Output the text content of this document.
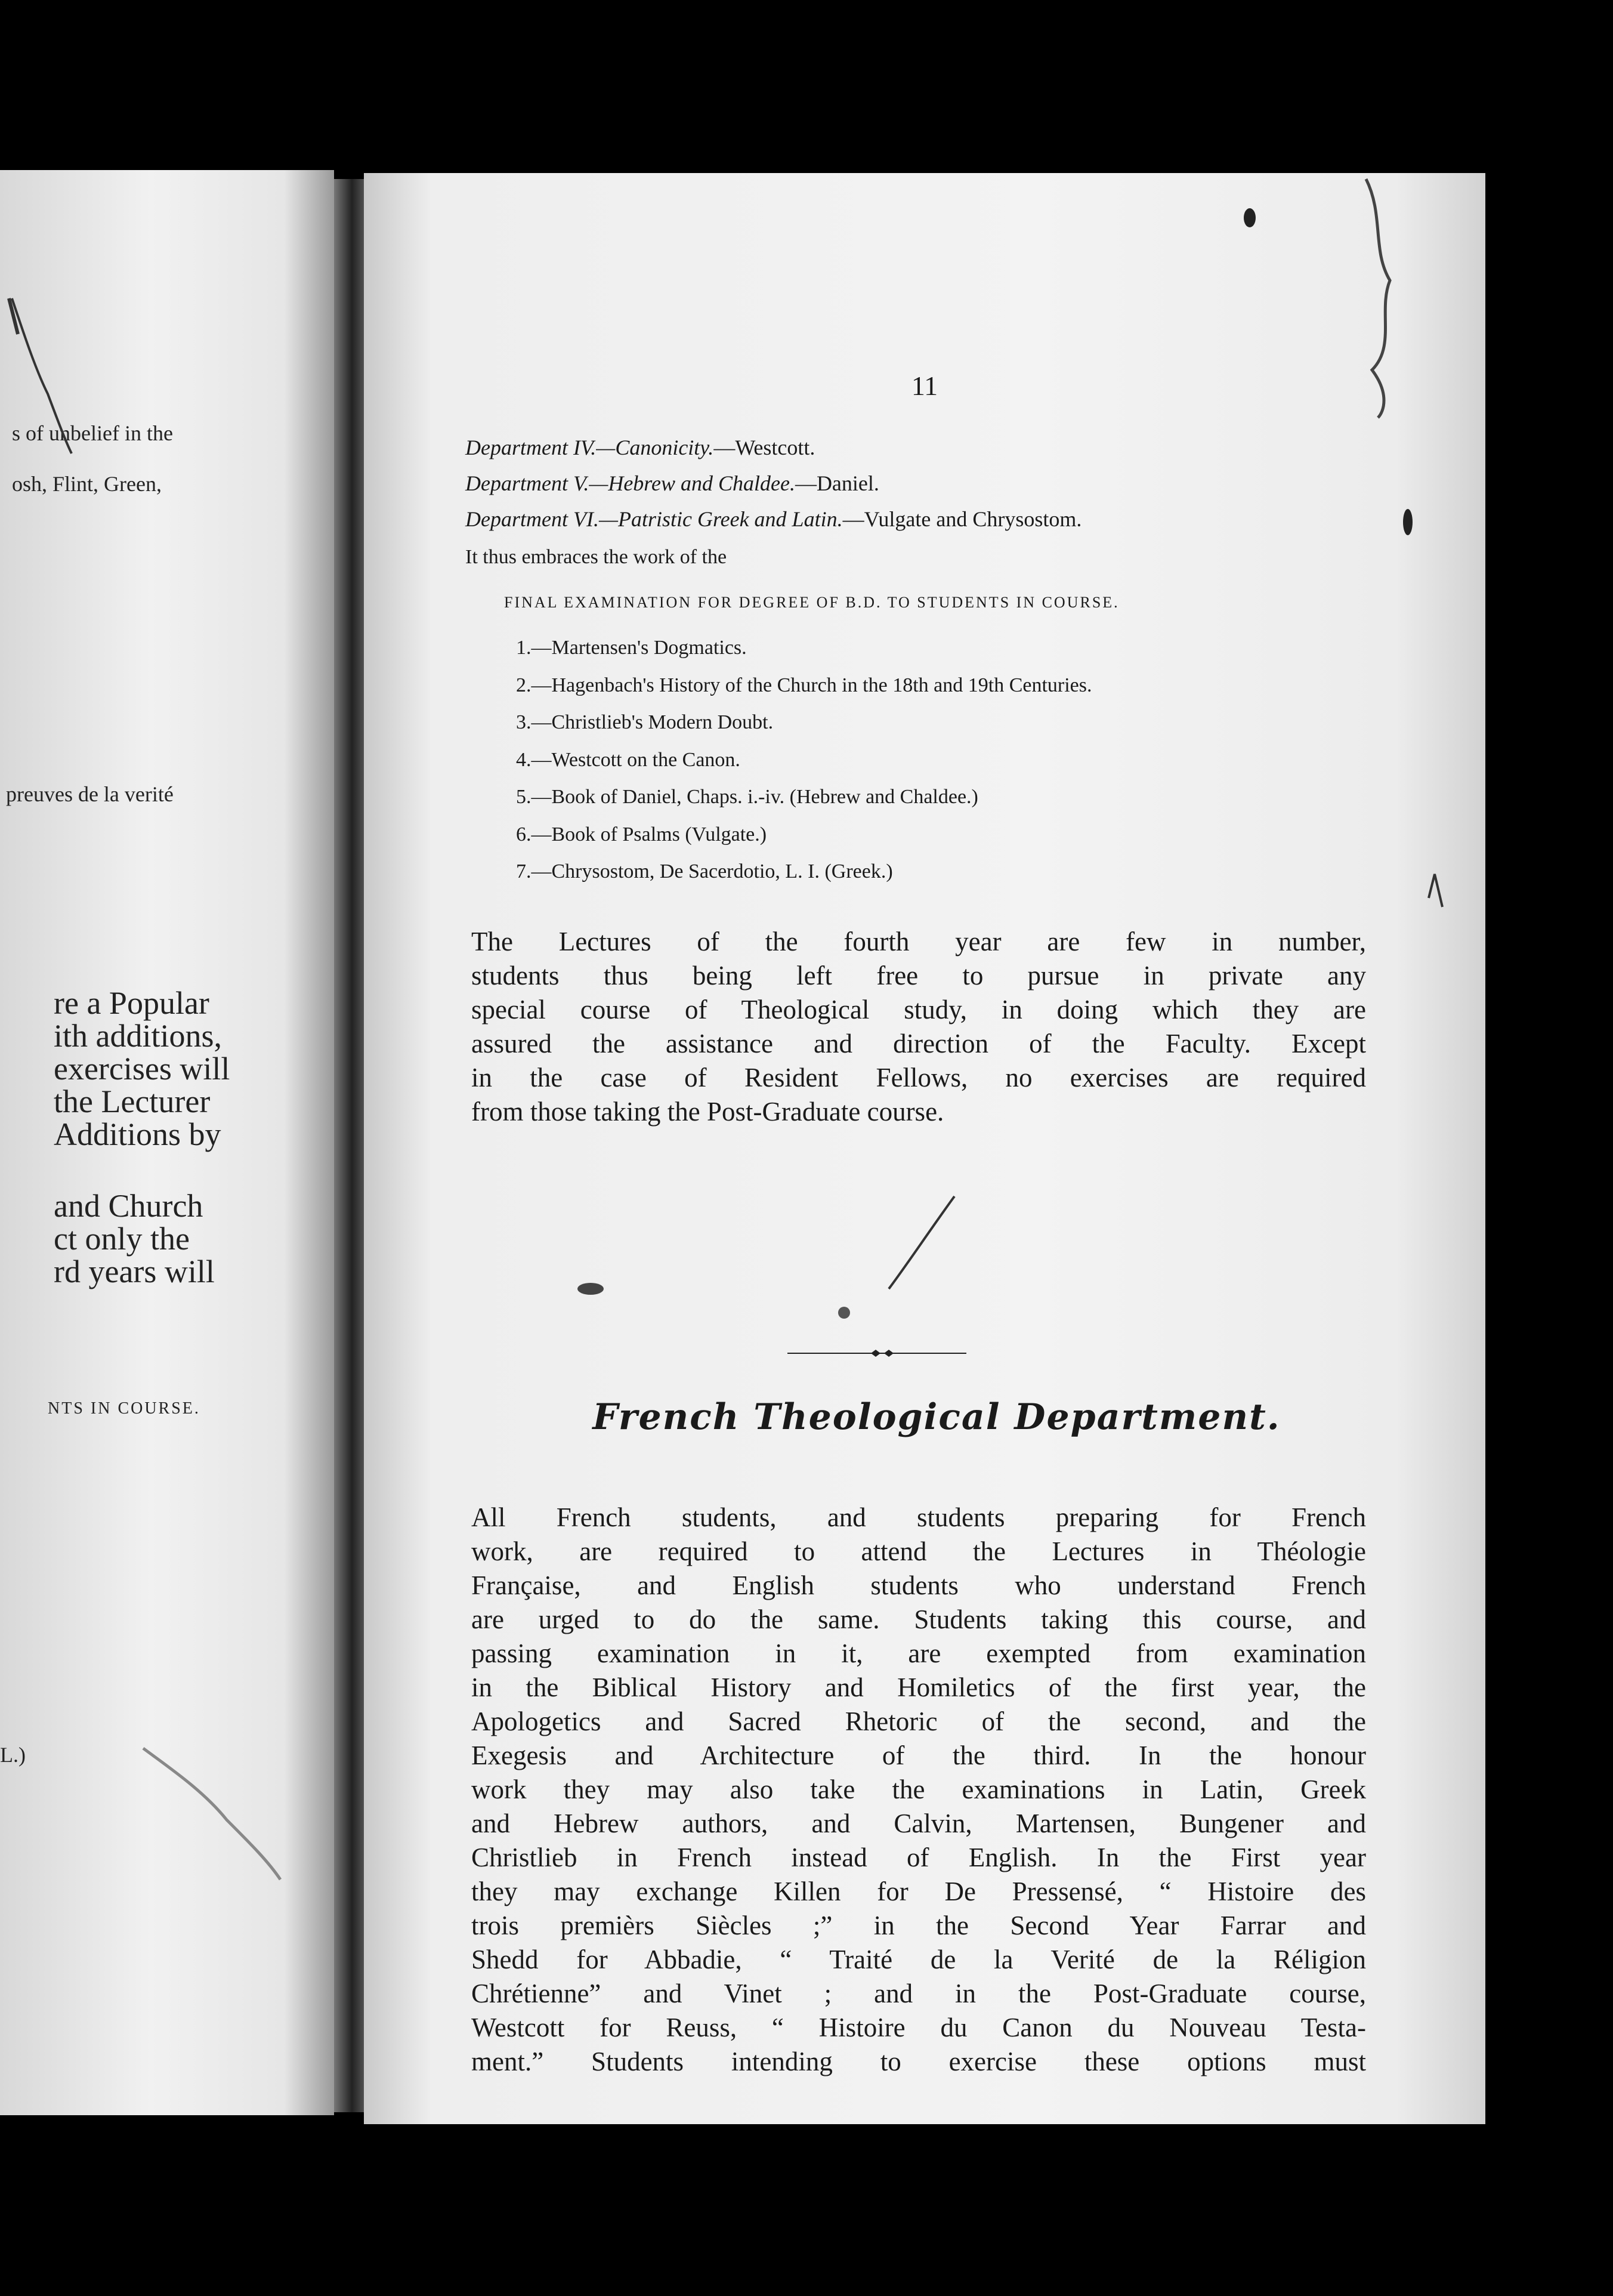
s of unbelief in the
osh, Flint, Green,
preuves de la verité
re a Popular
ith additions,
exercises will
the Lecturer
Additions by
and Church
ct only the
rd years will
NTS IN COURSE.
L.)
11
Department IV.—Canonicity.—Westcott.
Department V.—Hebrew and Chaldee.—Daniel.
Department VI.—Patristic Greek and Latin.—Vulgate and Chrysostom.
It thus embraces the work of the
FINAL EXAMINATION FOR DEGREE OF B.D. TO STUDENTS IN COURSE.
1.—Martensen's Dogmatics.
2.—Hagenbach's History of the Church in the 18th and 19th Centuries.
3.—Christlieb's Modern Doubt.
4.—Westcott on the Canon.
5.—Book of Daniel, Chaps. i.-iv. (Hebrew and Chaldee.)
6.—Book of Psalms (Vulgate.)
7.—Chrysostom, De Sacerdotio, L. I. (Greek.)

The Lectures of the fourth year are few in number,
students thus being left free to pursue in private any
special course of Theological study, in doing which they are
assured the assistance and direction of the Faculty. Except
in the case of Resident Fellows, no exercises are required
from those taking the Post-Graduate course.

French Theological Department.

All French students, and students preparing for French
work, are required to attend the Lectures in Théologie
Française, and English students who understand French
are urged to do the same. Students taking this course, and
passing examination in it, are exempted from examination
in the Biblical History and Homiletics of the first year, the
Apologetics and Sacred Rhetoric of the second, and the
Exegesis and Architecture of the third. In the honour
work they may also take the examinations in Latin, Greek
and Hebrew authors, and Calvin, Martensen, Bungener and
Christlieb in French instead of English. In the First year
they may exchange Killen for De Pressensé, “ Histoire des
trois premièrs Siècles ;” in the Second Year Farrar and
Shedd for Abbadie, “ Traité de la Verité de la Réligion
Chrétienne” and Vinet ; and in the Post-Graduate course,
Westcott for Reuss, “ Histoire du Canon du Nouveau Testa-
ment.” Students intending to exercise these options must
